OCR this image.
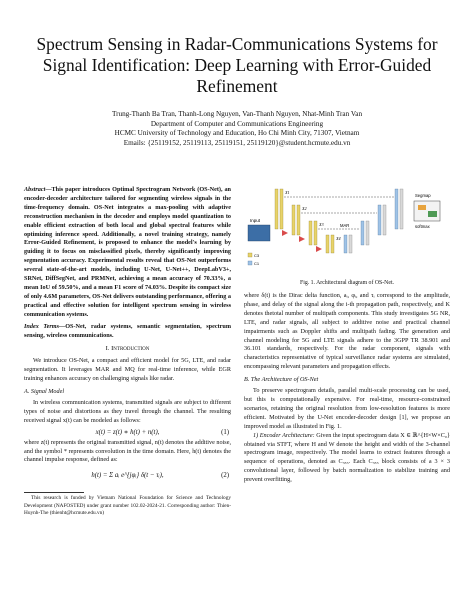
Spectrum Sensing in Radar-Communications Systems for Signal Identification: Deep Learning with Error-Guided Refinement
Trung-Thanh Ba Tran, Thanh-Long Nguyen, Van-Thanh Nguyen, Nhat-Minh Tran Van
Department of Computer and Communications Engineering
HCMC University of Technology and Education, Ho Chi Minh City, 71307, Vietnam
Emails: {25119152, 25119113, 25119151, 25119120}@student.hcmute.edu.vn

Abstract—This paper introduces Optimal Spectrogram Network (OS-Net), an encoder-decoder architecture tailored for segmenting wireless signals in the time-frequency domain. OS-Net integrates a max-pooling with adaptive reconstruction mechanism in the decoder and employs model quantization to enable efficient extraction of both local and global spectral features while optimizing inference speed. Additionally, a novel training strategy, namely Error-Guided Refinement, is proposed to enhance the model's learning by guiding it to focus on misclassified pixels, thereby significantly improving segmentation accuracy. Experimental results reveal that OS-Net outperforms several state-of-the-art models, including U-Net, U-Net++, DeepLabV3+, SRNet, DiffSegNet, and PRMNet, achieving a mean accuracy of 70.33%, a mean IoU of 59.50%, and a mean F1 score of 74.03%. Despite its compact size of only 4.6M parameters, OS-Net delivers outstanding performance, offering a practical and effective solution for intelligent spectrum sensing in wireless communication systems.

Index Terms—OS-Net, radar systems, semantic segmentation, spectrum sensing, wireless communications.

I. Introduction

We introduce OS-Net, a compact and efficient model for 5G, LTE, and radar segmentation. It leverages MAR and MQ for real-time inference, while EGR training enhances accuracy on challenging signals like radar.

A. Signal Model

In wireless communication systems, transmitted signals are subject to different types of noise and distortions as they travel through the channel. The resulting received signal x(t) can be modeled as follows:

x(t) = z(t) ∗ h(t) + n(t),	(1)

where z(t) represents the original transmitted signal, n(t) denotes the additive noise, and the symbol * represents convolution in the time domain. Here, h(t) denotes the channel impulse response, defined as:

h(t) = Σ aᵢ e^{jφᵢ} δ(t − τᵢ),	(2)

This research is funded by Vietnam National Foundation for Science and Technology Development (NAFOSTED) under grant number 102.02-2024-21. Corresponding author: Thien-Huynh-The (thienht@hcmute.edu.vn)

Input
X1
X2
X3
X4
MAR	softmax
Segmap
C3
C1
Fig. 1. Architectural diagram of OS-Net.

where δ(t) is the Dirac delta function, aᵢ, φᵢ, and τᵢ correspond to the amplitude, phase, and delay of the signal along the i-th propagation path, respectively, and K denotes thetotal number of multipath components. This study investigates 5G NR, LTE, and radar signals, all subject to additive noise and practical channel impairments such as Doppler shifts and multipath fading. The generation and channel modeling for 5G and LTE signals adhere to the 3GPP TR 38.901 and 36.101 standards, respectively. For the radar component, signals with characteristics representative of typical surveillance radar systems are simulated, encompassing relevant parameters and propagation effects.

B. The Architecture of OS-Net

To preserve spectrogram details, parallel multi-scale processing can be used, but this is computationally expensive. For real-time, resource-constrained scenarios, retaining the original resolution from low-resolution features is more efficient. Motivated by the U-Net encoder-decoder design [1], we propose an improved model as illustrated in Fig. 1.

1) Encoder Architecture: Given the input spectrogram data X ∈ ℝ^{H×W×C₀} obtained via STFT, where H and W denote the height and width of the 3-channel spectrogram image, respectively. The model learns to extract features through a sequence of operations, denoted as C₃ₓ₃. Each C₃ₓ₃ block consists of a 3 × 3 convolutional layer, followed by batch normalization to stabilize training and prevent overfitting,
